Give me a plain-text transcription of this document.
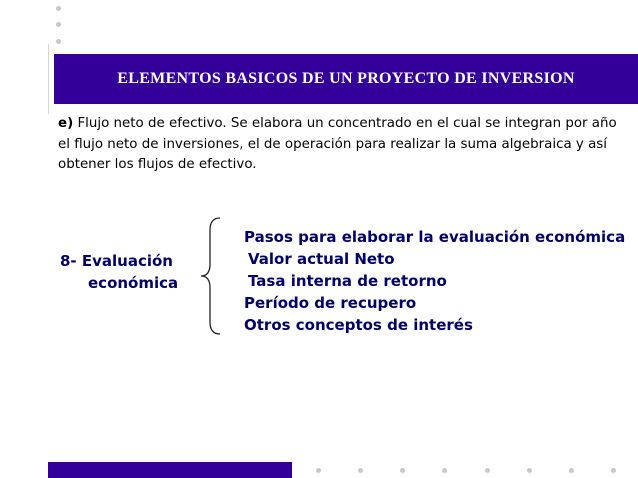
ELEMENTOS BASICOS DE UN PROYECTO DE INVERSION
e) Flujo neto de efectivo. Se elabora un concentrado en el cual se integran por año el flujo neto de inversiones, el de operación para realizar la suma algebraica y así obtener los flujos de efectivo.
8- Evaluación
económica
Pasos para elaborar la evaluación económica
Valor actual Neto
Tasa interna de retorno
Período de recupero
Otros conceptos de interés
